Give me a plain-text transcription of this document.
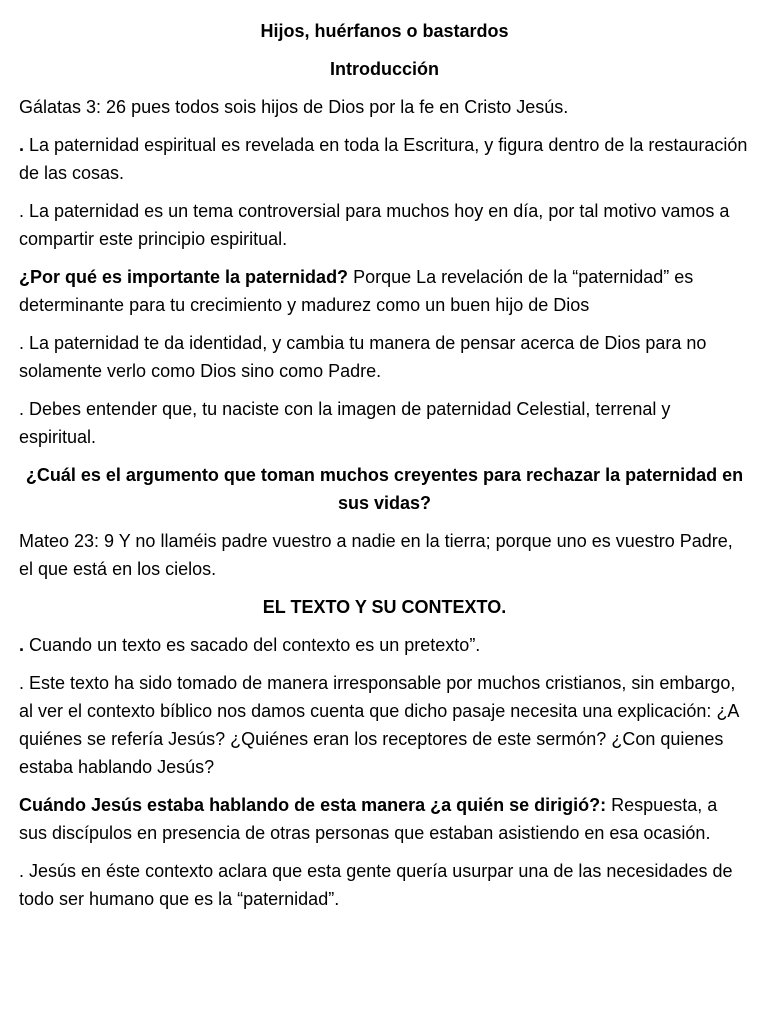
Hijos, huérfanos o bastardos
Introducción

Gálatas 3: 26 pues todos sois hijos de Dios por la fe en Cristo Jesús.

. La paternidad espiritual es revelada en toda la Escritura, y figura dentro de la restauración de las cosas.

. La paternidad es un tema controversial para muchos hoy en día, por tal motivo vamos a compartir este principio espiritual.

¿Por qué es importante la paternidad? Porque La revelación de la “paternidad” es determinante para tu crecimiento y madurez como un buen hijo de Dios

. La paternidad te da identidad, y cambia tu manera de pensar acerca de Dios para no solamente verlo como Dios sino como Padre.

. Debes entender que, tu naciste con la imagen de paternidad Celestial, terrenal y espiritual.

¿Cuál es el argumento que toman muchos creyentes para rechazar la paternidad en sus vidas?

Mateo 23: 9 Y no llaméis padre vuestro a nadie en la tierra; porque uno es vuestro Padre, el que está en los cielos.

EL TEXTO Y SU CONTEXTO.

. Cuando un texto es sacado del contexto es un pretexto”.

. Este texto ha sido tomado de manera irresponsable por muchos cristianos, sin embargo, al ver el contexto bíblico nos damos cuenta que dicho pasaje necesita una explicación: ¿A quiénes se refería Jesús? ¿Quiénes eran los receptores de este sermón? ¿Con quienes estaba hablando Jesús?

Cuándo Jesús estaba hablando de esta manera ¿a quién se dirigió?: Respuesta, a sus discípulos en presencia de otras personas que estaban asistiendo en esa ocasión.

. Jesús en éste contexto aclara que esta gente quería usurpar una de las necesidades de todo ser humano que es la “paternidad”.
